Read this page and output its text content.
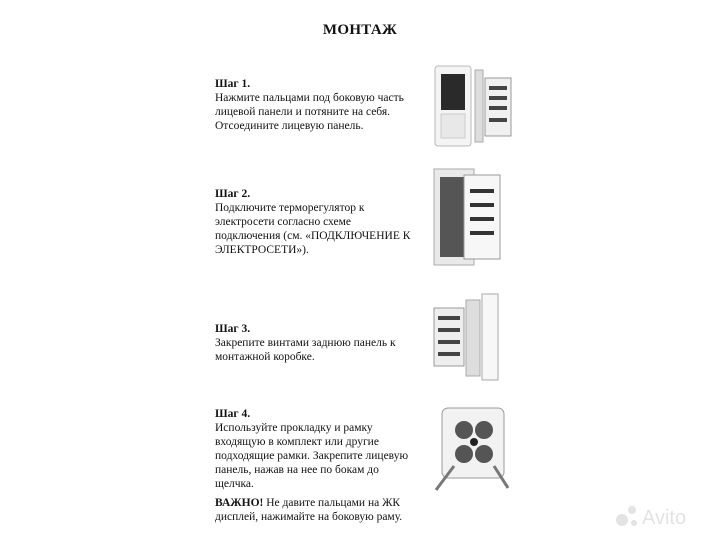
МОНТАЖ
Шаг 1.

Нажмите пальцами под боковую часть лицевой панели и потяните на себя. Отсоедините лицевую панель.

Шаг 2.

Подключите терморегулятор к электросети согласно схеме подключения (см. «ПОДКЛЮЧЕНИЕ К ЭЛЕКТРОСЕТИ»).

Шаг 3.

Закрепите винтами заднюю панель к монтажной коробке.

Шаг 4.

Используйте прокладку и рамку входящую в комплект или другие подходящие рамки. Закрепите лицевую панель, нажав на нее по бокам до щелчка.

ВАЖНО! Не давите пальцами на ЖК дисплей, нажимайте на боковую раму.	Avito
